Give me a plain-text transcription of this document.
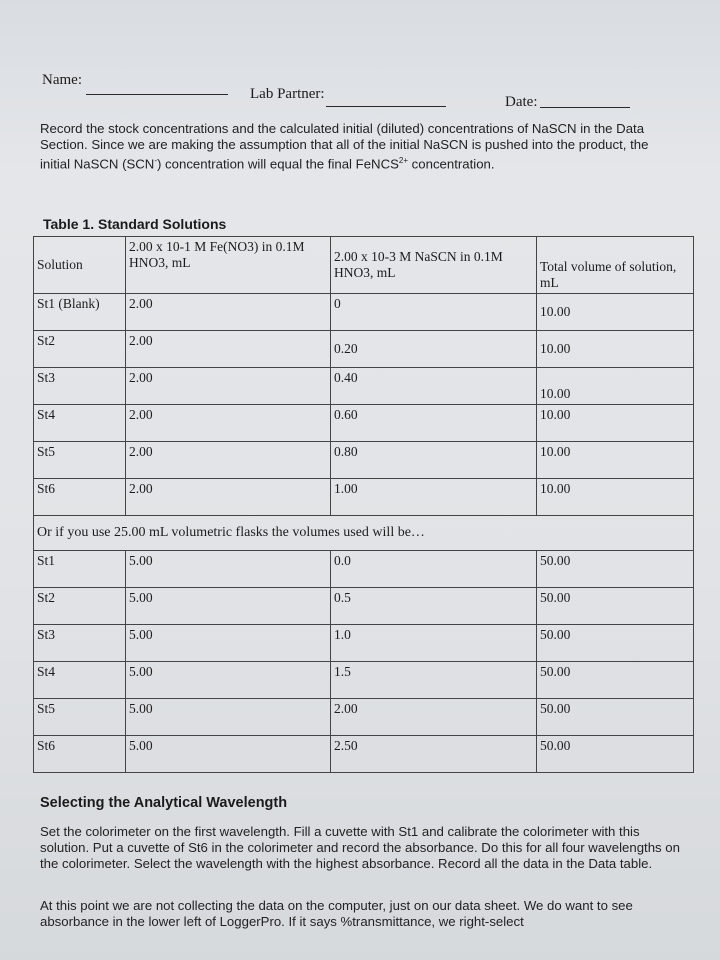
Name:
Lab Partner:	Date:
Record the stock concentrations and the calculated initial (diluted) concentrations of NaSCN in the Data Section. Since we are making the assumption that all of the initial NaSCN is pushed into the product, the initial NaSCN (SCN-) concentration will equal the final FeNCS$^{2+}$ concentration.
Table 1. Standard Solutions
Solution	2.00 x 10-1 M Fe(NO3) in 0.1M HNO3, mL	2.00 x 10-3 M NaSCN in 0.1M HNO3, mL	Total volume of solution, mL
St1 (Blank)	2.00	0	10.00
St2	2.00	0.20	10.00
St3	2.00	0.40	10.00
St4	2.00	0.60	10.00
St5	2.00	0.80	10.00
St6	2.00	1.00	10.00
Or if you use 25.00 mL volumetric flasks the volumes used will be…			
St1	5.00	0.0	50.00
St2	5.00	0.5	50.00
St3	5.00	1.0	50.00
St4	5.00	1.5	50.00
St5	5.00	2.00	50.00
St6	5.00	2.50	50.00
Selecting the Analytical Wavelength
Set the colorimeter on the first wavelength. Fill a cuvette with St1 and calibrate the colorimeter with this solution. Put a cuvette of St6 in the colorimeter and record the absorbance. Do this for all four wavelengths on the colorimeter. Select the wavelength with the highest absorbance. Record all the data in the Data table.
At this point we are not collecting the data on the computer, just on our data sheet. We do want to see absorbance in the lower left of LoggerPro. If it says %transmittance, we right-select
